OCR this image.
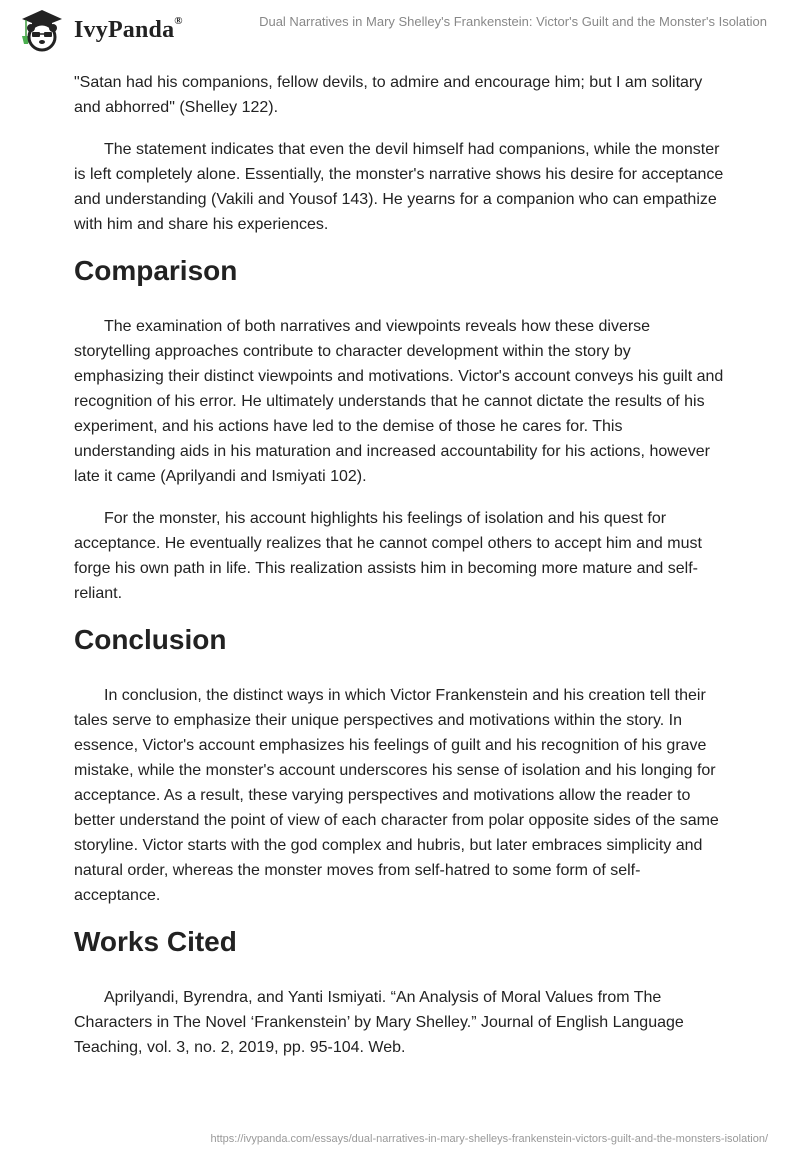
IvyPanda®	Dual Narratives in Mary Shelley's Frankenstein: Victor's Guilt and the Monster's Isolation

"Satan had his companions, fellow devils, to admire and encourage him; but I am solitary and abhorred" (Shelley 122).

The statement indicates that even the devil himself had companions, while the monster is left completely alone. Essentially, the monster's narrative shows his desire for acceptance and understanding (Vakili and Yousof 143). He yearns for a companion who can empathize with him and share his experiences.

Comparison

The examination of both narratives and viewpoints reveals how these diverse storytelling approaches contribute to character development within the story by emphasizing their distinct viewpoints and motivations. Victor's account conveys his guilt and recognition of his error. He ultimately understands that he cannot dictate the results of his experiment, and his actions have led to the demise of those he cares for. This understanding aids in his maturation and increased accountability for his actions, however late it came (Aprilyandi and Ismiyati 102).

For the monster, his account highlights his feelings of isolation and his quest for acceptance. He eventually realizes that he cannot compel others to accept him and must forge his own path in life. This realization assists him in becoming more mature and self-reliant.

Conclusion

In conclusion, the distinct ways in which Victor Frankenstein and his creation tell their tales serve to emphasize their unique perspectives and motivations within the story. In essence, Victor's account emphasizes his feelings of guilt and his recognition of his grave mistake, while the monster's account underscores his sense of isolation and his longing for acceptance. As a result, these varying perspectives and motivations allow the reader to better understand the point of view of each character from polar opposite sides of the same storyline. Victor starts with the god complex and hubris, but later embraces simplicity and natural order, whereas the monster moves from self-hatred to some form of self-acceptance.

Works Cited

Aprilyandi, Byrendra, and Yanti Ismiyati. “An Analysis of Moral Values from The Characters in The Novel ‘Frankenstein’ by Mary Shelley.” Journal of English Language Teaching, vol. 3, no. 2, 2019, pp. 95-104. Web.

https://ivypanda.com/essays/dual-narratives-in-mary-shelleys-frankenstein-victors-guilt-and-the-monsters-isolation/
